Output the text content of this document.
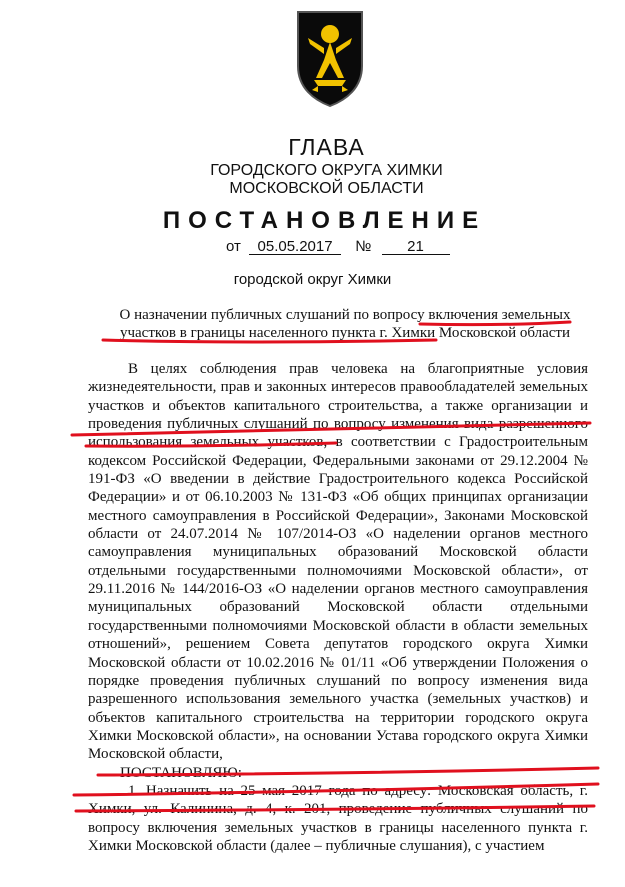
ГЛАВА
ГОРОДСКОГО ОКРУГА ХИМКИ
МОСКОВСКОЙ ОБЛАСТИ
ПОСТАНОВЛЕНИЕ
от 05.05.2017 № 21
городской округ Химки
О назначении публичных слушаний по вопросу включения земельных участков в границы населенного пункта г. Химки Московской области

В целях соблюдения прав человека на благоприятные условия жизнедеятельности, прав и законных интересов правообладателей земельных участков и объектов капитального строительства, а также организации и проведения публичных слушаний по вопросу изменения вида разрешенного использования земельных участков, в соответствии с Градостроительным кодексом Российской Федерации, Федеральными законами от 29.12.2004 № 191-ФЗ «О введении в действие Градостроительного кодекса Российской Федерации» и от 06.10.2003 № 131-ФЗ «Об общих принципах организации местного самоуправления в Российской Федерации», Законами Московской области от 24.07.2014 № 107/2014-ОЗ «О наделении органов местного самоуправления муниципальных образований Московской области отдельными государственными полномочиями Московской области», от 29.11.2016 № 144/2016-ОЗ «О наделении органов местного самоуправления муниципальных образований Московской области отдельными государственными полномочиями Московской области в области земельных отношений», решением Совета депутатов городского округа Химки Московской области от 10.02.2016 № 01/11 «Об утверждении Положения о порядке проведения публичных слушаний по вопросу изменения вида разрешенного использования земельного участка (земельных участков) и объектов капитального строительства на территории городского округа Химки Московской области», на основании Устава городского округа Химки Московской области,

ПОСТАНОВЛЯЮ:

1. Назначить на 25 мая 2017 года по адресу: Московская область, г. Химки, ул. Калинина, д. 4, к. 201, проведение публичных слушаний по вопросу включения земельных участков в границы населенного пункта г. Химки Московской области (далее – публичные слушания), с участием
